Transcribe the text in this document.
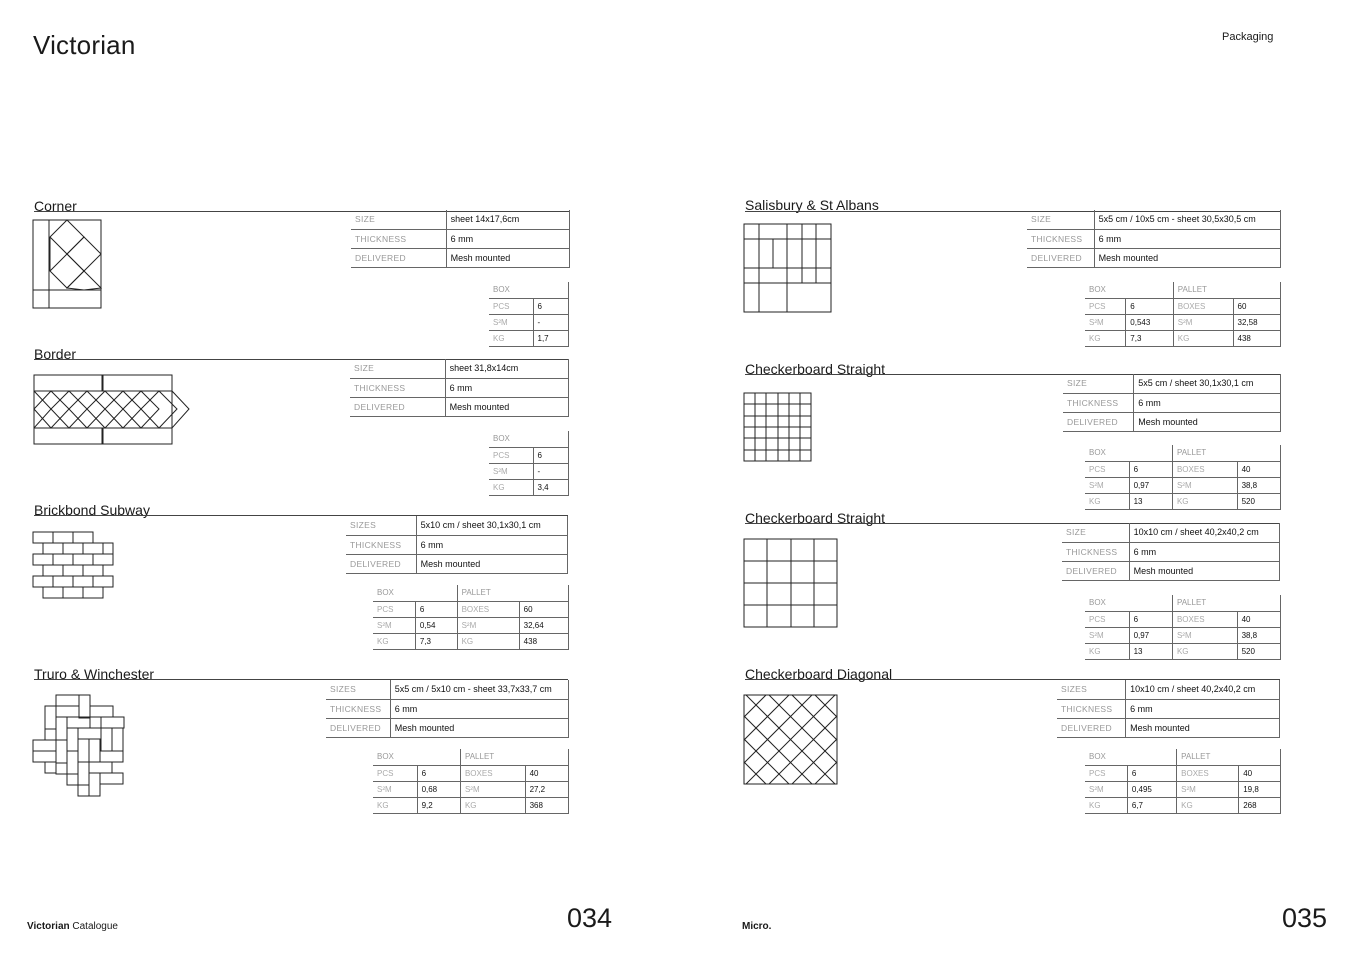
Victorian	Packaging
Corner
SIZE	sheet 14x17,6cm
THICKNESS	6 mm
DELIVERED	Mesh mounted
BOX	
PCS	6
S²M	-
KG	1,7
Border
SIZE	sheet 31,8x14cm
THICKNESS	6 mm
DELIVERED	Mesh mounted
BOX	
PCS	6
S²M	-
KG	3,4
Brickbond Subway
SIZES	5x10 cm / sheet 30,1x30,1 cm
THICKNESS	6 mm
DELIVERED	Mesh mounted
BOX		PALLET	
PCS	6	BOXES	60
S²M	0,54	S²M	32,64
KG	7,3	KG	438
Truro & Winchester
SIZES	5x5 cm / 5x10 cm - sheet 33,7x33,7 cm
THICKNESS	6 mm
DELIVERED	Mesh mounted
BOX		PALLET	
PCS	6	BOXES	40
S²M	0,68	S²M	27,2
KG	9,2	KG	368
Salisbury & St Albans
SIZE	5x5 cm / 10x5 cm - sheet 30,5x30,5 cm
THICKNESS	6 mm
DELIVERED	Mesh mounted
BOX		PALLET	
PCS	6	BOXES	60
S²M	0,543	S²M	32,58
KG	7,3	KG	438
Checkerboard Straight
SIZE	5x5 cm / sheet 30,1x30,1 cm
THICKNESS	6 mm
DELIVERED	Mesh mounted
BOX		PALLET	
PCS	6	BOXES	40
S²M	0,97	S²M	38,8
KG	13	KG	520
Checkerboard Straight
SIZE	10x10 cm / sheet 40,2x40,2 cm
THICKNESS	6 mm
DELIVERED	Mesh mounted
BOX		PALLET	
PCS	6	BOXES	40
S²M	0,97	S²M	38,8
KG	13	KG	520
Checkerboard Diagonal
SIZES	10x10 cm / sheet 40,2x40,2 cm
THICKNESS	6 mm
DELIVERED	Mesh mounted
BOX		PALLET	
PCS	6	BOXES	40
S²M	0,495	S²M	19,8
KG	6,7	KG	268
Victorian Catalogue	034	Micro.	035
